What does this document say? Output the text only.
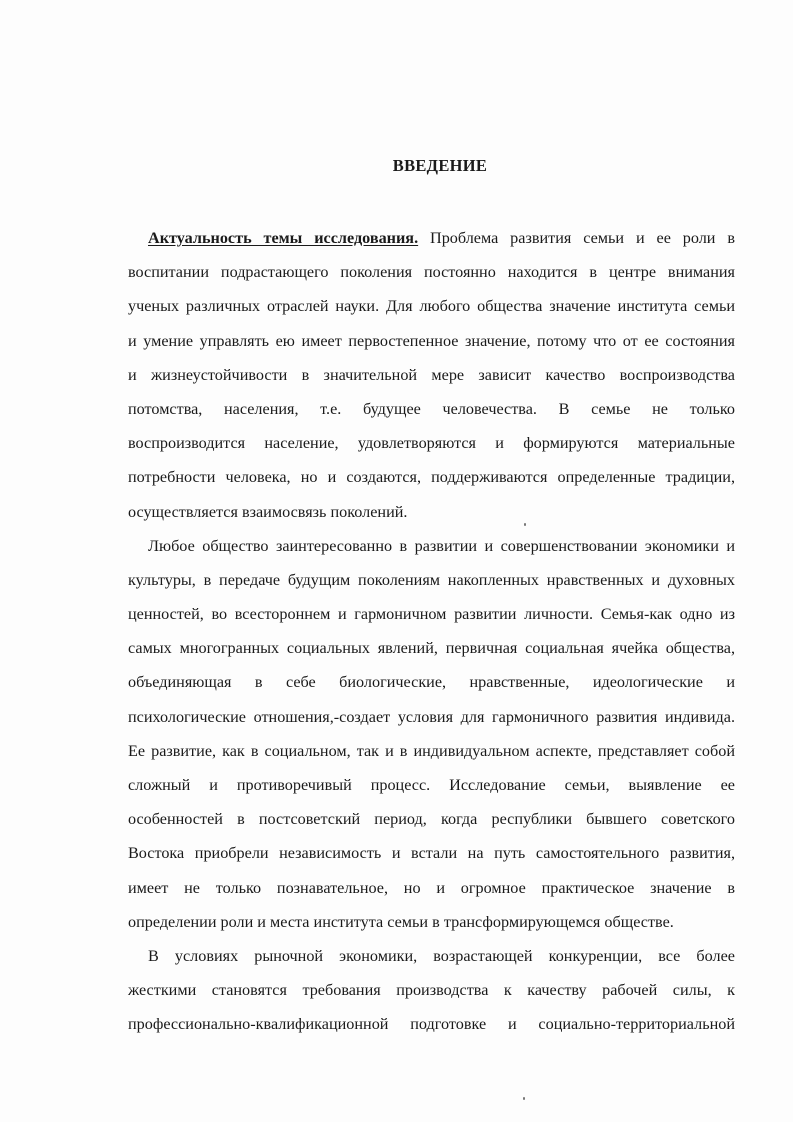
ВВЕДЕНИЕ
Актуальность темы исследования. Проблема развития семьи и ее роли в
воспитании подрастающего поколения постоянно находится в центре внимания
ученых различных отраслей науки. Для любого общества значение института семьи
и умение управлять ею имеет первостепенное значение, потому что от ее состояния
и жизнеустойчивости в значительной мере зависит качество воспроизводства
потомства, населения, т.е. будущее человечества. В семье не только
воспроизводится население, удовлетворяются и формируются материальные
потребности человека, но и создаются, поддерживаются определенные традиции,
осуществляется взаимосвязь поколений.
Любое общество заинтересованно в развитии и совершенствовании экономики и
культуры, в передаче будущим поколениям накопленных нравственных и духовных
ценностей, во всестороннем и гармоничном развитии личности. Семья-как одно из
самых многогранных социальных явлений, первичная социальная ячейка общества,
объединяющая в себе биологические, нравственные, идеологические и
психологические отношения,-создает условия для гармоничного развития индивида.
Ее развитие, как в социальном, так и в индивидуальном аспекте, представляет собой
сложный и противоречивый процесс. Исследование семьи, выявление ее
особенностей в постсоветский период, когда республики бывшего советского
Востока приобрели независимость и встали на путь самостоятельного развития,
имеет не только познавательное, но и огромное практическое значение в
определении роли и места института семьи в трансформирующемся обществе.
В условиях рыночной экономики, возрастающей конкуренции, все более
жесткими становятся требования производства к качеству рабочей силы, к
профессионально-квалификационной подготовке и социально-территориальной
